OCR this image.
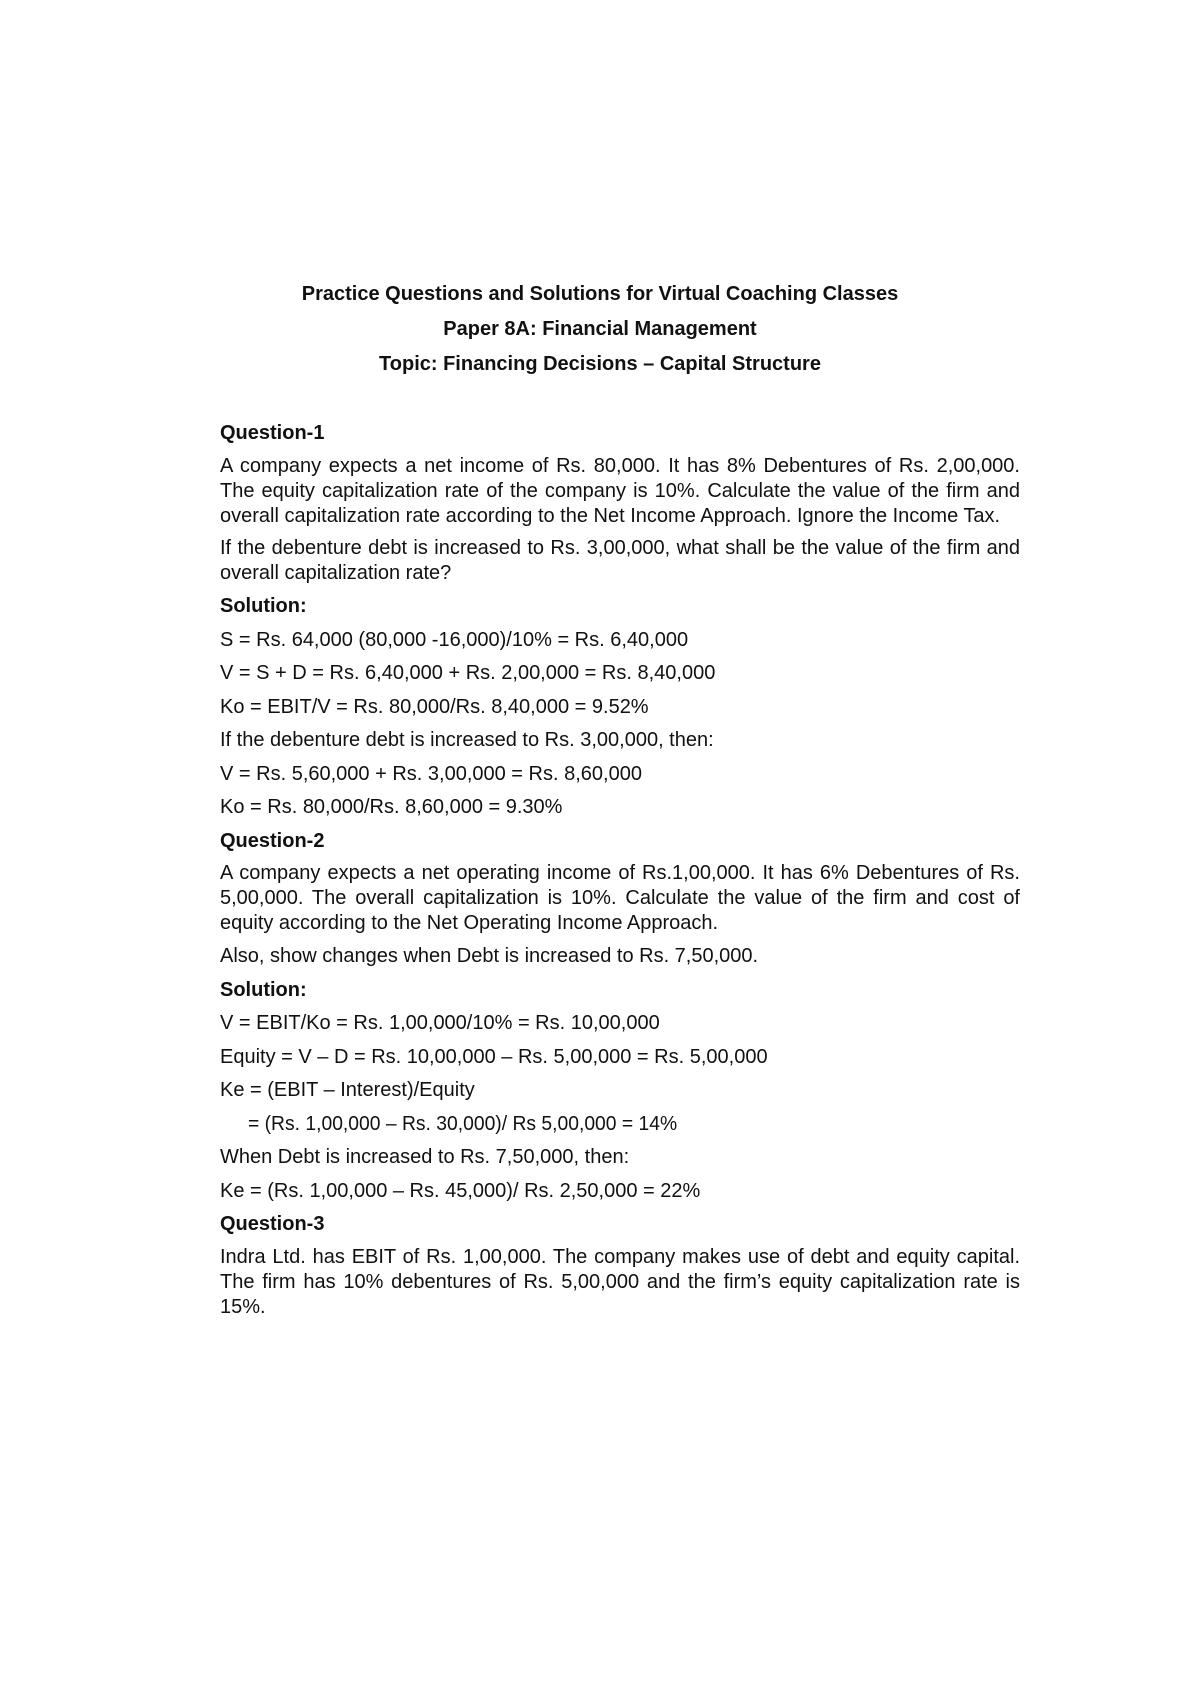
Practice Questions and Solutions for Virtual Coaching Classes
Paper 8A: Financial Management
Topic: Financing Decisions – Capital Structure
Question-1
A company expects a net income of Rs. 80,000. It has 8% Debentures of Rs. 2,00,000. The equity capitalization rate of the company is 10%. Calculate the value of the firm and overall capitalization rate according to the Net Income Approach. Ignore the Income Tax.
If the debenture debt is increased to Rs. 3,00,000, what shall be the value of the firm and overall capitalization rate?
Solution:
S = Rs. 64,000 (80,000 -16,000)/10% = Rs. 6,40,000
V = S + D = Rs. 6,40,000 + Rs. 2,00,000 = Rs. 8,40,000
Ko = EBIT/V = Rs. 80,000/Rs. 8,40,000 = 9.52%
If the debenture debt is increased to Rs. 3,00,000, then:
V = Rs. 5,60,000 + Rs. 3,00,000 = Rs. 8,60,000
Ko = Rs. 80,000/Rs. 8,60,000 = 9.30%
Question-2
A company expects a net operating income of Rs.1,00,000. It has 6% Debentures of Rs. 5,00,000. The overall capitalization is 10%. Calculate the value of the firm and cost of equity according to the Net Operating Income Approach.
Also, show changes when Debt is increased to Rs. 7,50,000.
Solution:
V = EBIT/Ko = Rs. 1,00,000/10% = Rs. 10,00,000
Equity = V – D = Rs. 10,00,000 – Rs. 5,00,000 = Rs. 5,00,000
Ke = (EBIT – Interest)/Equity
= (Rs. 1,00,000 – Rs. 30,000)/ Rs 5,00,000 = 14%
When Debt is increased to Rs. 7,50,000, then:
Ke = (Rs. 1,00,000 – Rs. 45,000)/ Rs. 2,50,000 = 22%
Question-3
Indra Ltd. has EBIT of Rs. 1,00,000. The company makes use of debt and equity capital. The firm has 10% debentures of Rs. 5,00,000 and the firm’s equity capitalization rate is 15%.
